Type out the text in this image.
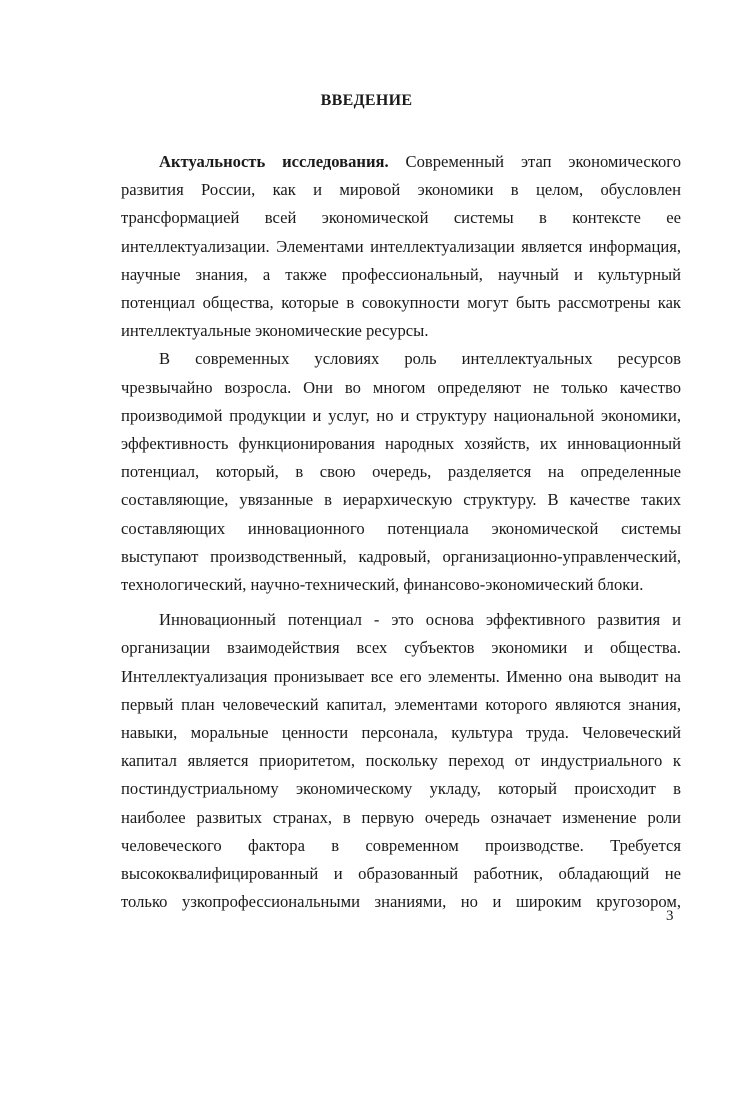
ВВЕДЕНИЕ

Актуальность исследования. Современный этап экономического
развития России, как и мировой экономики в целом, обусловлен
трансформацией всей экономической системы в контексте ее
интеллектуализации. Элементами интеллектуализации является информация,
научные знания, а также профессиональный, научный и культурный
потенциал общества, которые в совокупности могут быть рассмотрены как
интеллектуальные экономические ресурсы.

В современных условиях роль интеллектуальных ресурсов
чрезвычайно возросла. Они во многом определяют не только качество
производимой продукции и услуг, но и структуру национальной экономики,
эффективность функционирования народных хозяйств, их инновационный
потенциал, который, в свою очередь, разделяется на определенные
составляющие, увязанные в иерархическую структуру. В качестве таких
составляющих инновационного потенциала экономической системы
выступают производственный, кадровый, организационно-управленческий,
технологический, научно-технический, финансово-экономический блоки.

Инновационный потенциал - это основа эффективного развития и
организации взаимодействия всех субъектов экономики и общества.
Интеллектуализация пронизывает все его элементы. Именно она выводит на
первый план человеческий капитал, элементами которого являются знания,
навыки, моральные ценности персонала, культура труда. Человеческий
капитал является приоритетом, поскольку переход от индустриального к
постиндустриальному экономическому укладу, который происходит в
наиболее развитых странах, в первую очередь означает изменение роли
человеческого фактора в современном производстве. Требуется
высококвалифицированный и образованный работник, обладающий не
только узкопрофессиональными знаниями, но и широким кругозором,

3
